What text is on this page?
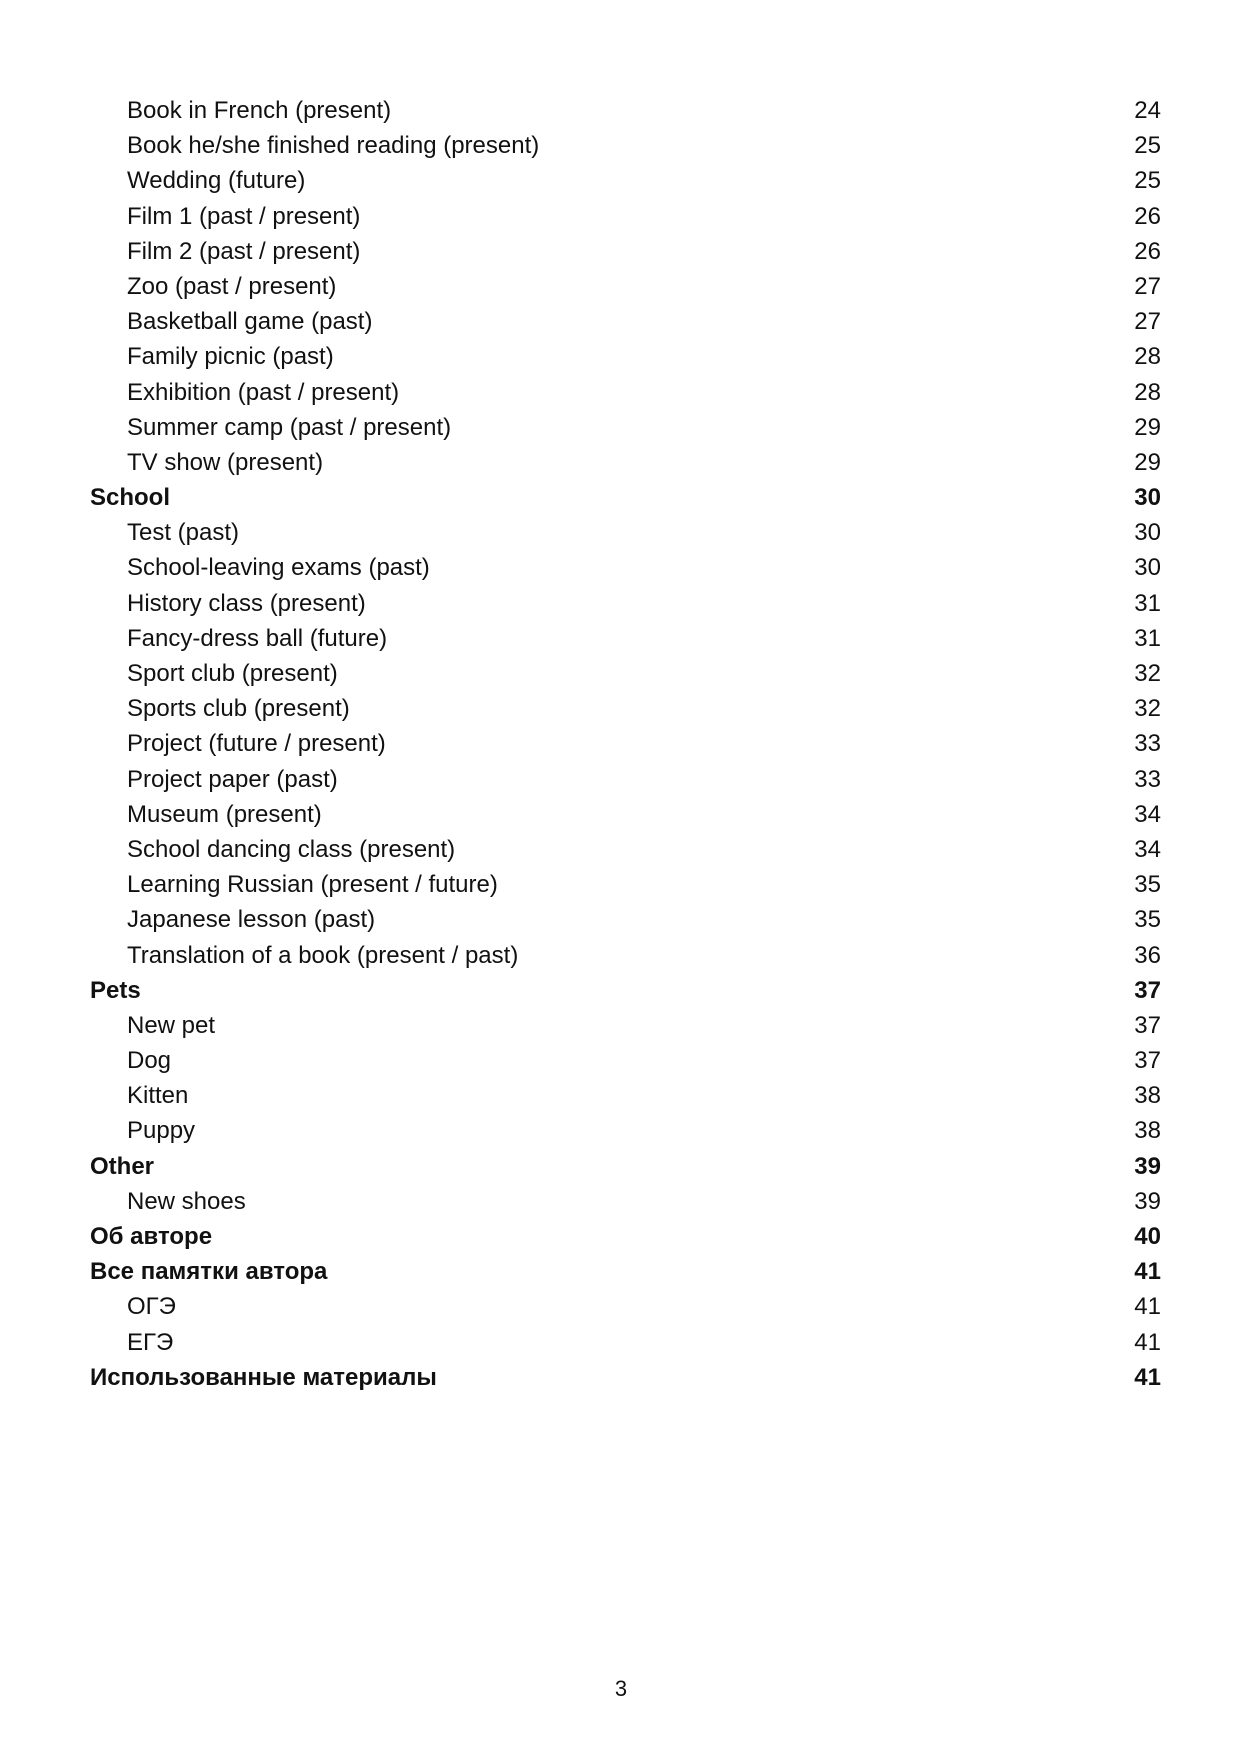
Book in French (present)	24
Book he/she finished reading (present)	25
Wedding (future)	25
Film 1 (past / present)	26
Film 2 (past / present)	26
Zoo (past / present)	27
Basketball game (past)	27
Family picnic (past)	28
Exhibition (past / present)	28
Summer camp (past / present)	29
TV show (present)	29
School	30
Test (past)	30
School-leaving exams (past)	30
History class (present)	31
Fancy-dress ball (future)	31
Sport club (present)	32
Sports club (present)	32
Project (future / present)	33
Project paper (past)	33
Museum (present)	34
School dancing class (present)	34
Learning Russian (present / future)	35
Japanese lesson (past)	35
Translation of a book (present / past)	36
Pets	37
New pet	37
Dog	37
Kitten	38
Puppy	38
Other	39
New shoes	39
Об авторе	40
Все памятки автора	41
ОГЭ	41
ЕГЭ	41
Использованные материалы	41
3
